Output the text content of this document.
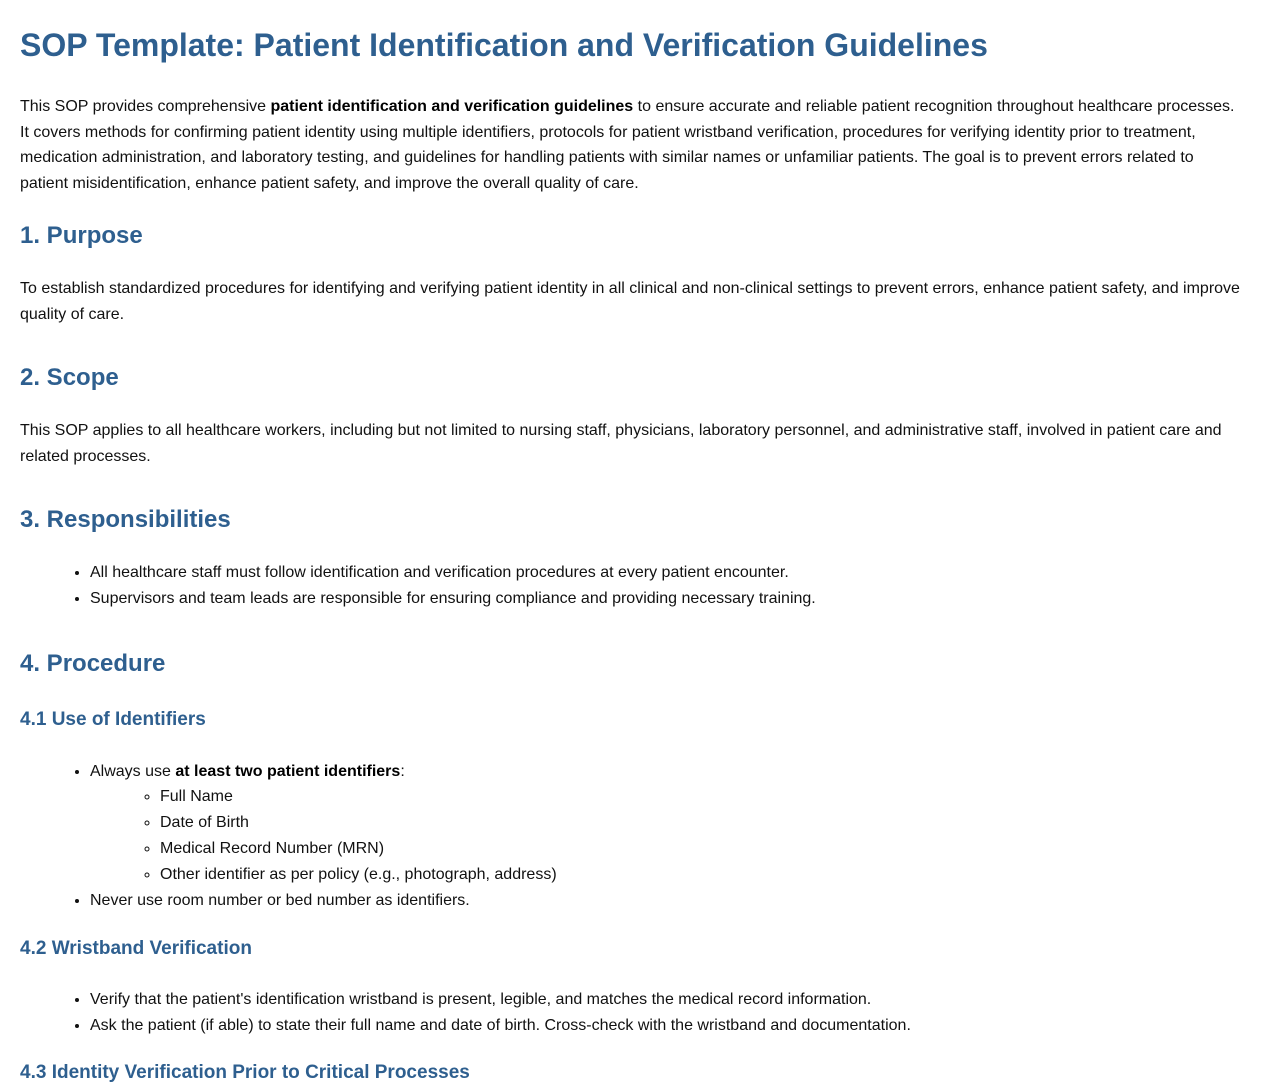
SOP Template: Patient Identification and Verification Guidelines

This SOP provides comprehensive patient identification and verification guidelines to ensure accurate and reliable patient recognition throughout healthcare processes. It covers methods for confirming patient identity using multiple identifiers, protocols for patient wristband verification, procedures for verifying identity prior to treatment, medication administration, and laboratory testing, and guidelines for handling patients with similar names or unfamiliar patients. The goal is to prevent errors related to patient misidentification, enhance patient safety, and improve the overall quality of care.

1. Purpose

To establish standardized procedures for identifying and verifying patient identity in all clinical and non-clinical settings to prevent errors, enhance patient safety, and improve quality of care.

2. Scope

This SOP applies to all healthcare workers, including but not limited to nursing staff, physicians, laboratory personnel, and administrative staff, involved in patient care and related processes.

3. Responsibilities
• All healthcare staff must follow identification and verification procedures at every patient encounter.
• Supervisors and team leads are responsible for ensuring compliance and providing necessary training.
4. Procedure
4.1 Use of Identifiers
• Always use at least two patient identifiers:
◦ Full Name
◦ Date of Birth
◦ Medical Record Number (MRN)
◦ Other identifier as per policy (e.g., photograph, address)
• Never use room number or bed number as identifiers.
4.2 Wristband Verification
• Verify that the patient's identification wristband is present, legible, and matches the medical record information.
• Ask the patient (if able) to state their full name and date of birth. Cross-check with the wristband and documentation.
4.3 Identity Verification Prior to Critical Processes
